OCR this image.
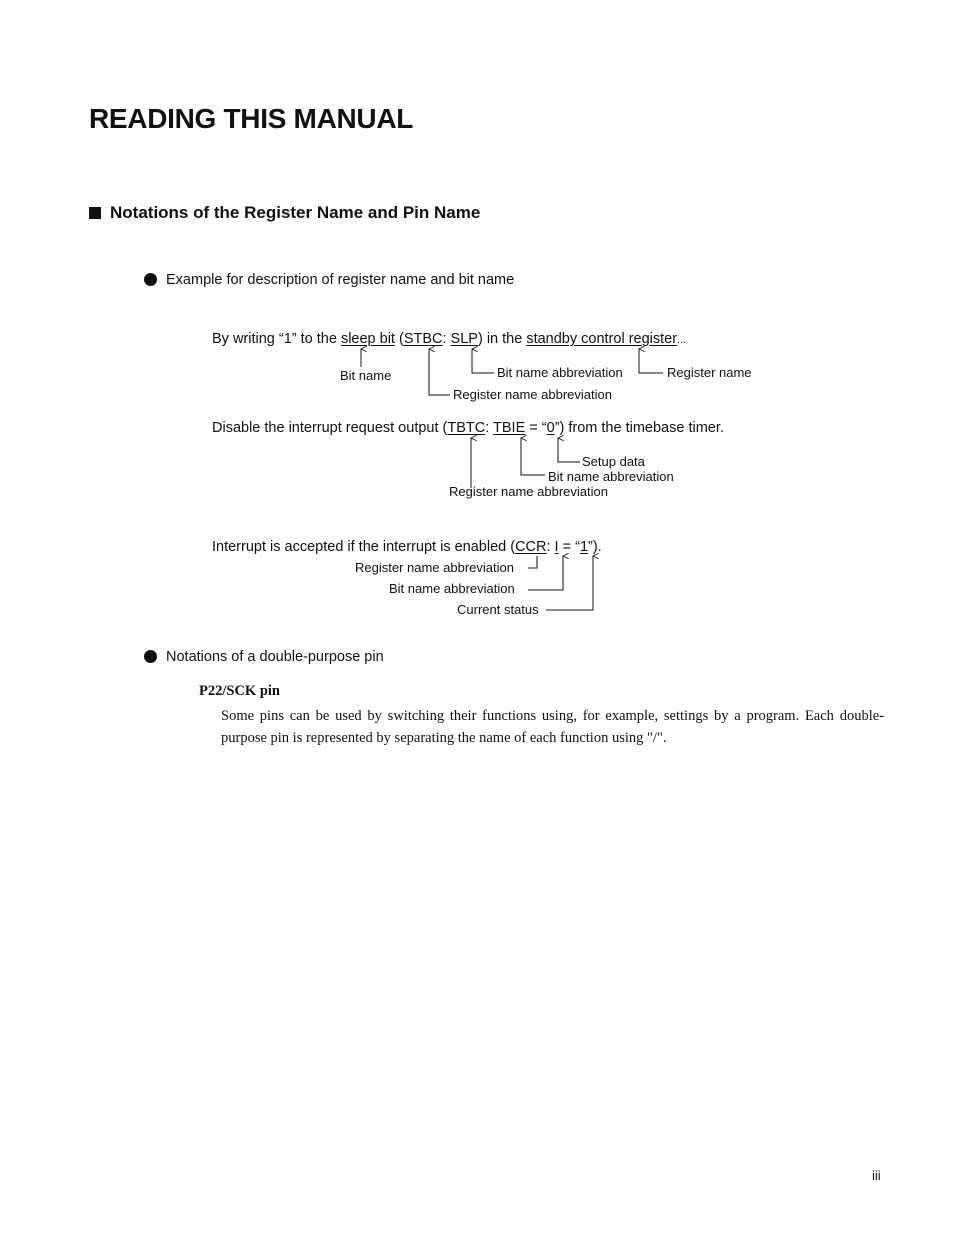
READING THIS MANUAL
Notations of the Register Name and Pin Name
Example for description of register name and bit name
By writing “1” to the sleep bit (STBC: SLP) in the standby control register...
Bit name	Bit name abbreviation	Register name
Register name abbreviation
Disable the interrupt request output (TBTC: TBIE = “0”) from the timebase timer.
Setup data
Bit name abbreviation
Register name abbreviation
Interrupt is accepted if the interrupt is enabled (CCR: I = “1”).
Register name abbreviation
Bit name abbreviation
Current status
Notations of a double-purpose pin
P22/SCK pin
Some pins can be used by switching their functions using, for example, settings by a program. Each double-purpose pin is represented by separating the name of each function using "/".
iii
